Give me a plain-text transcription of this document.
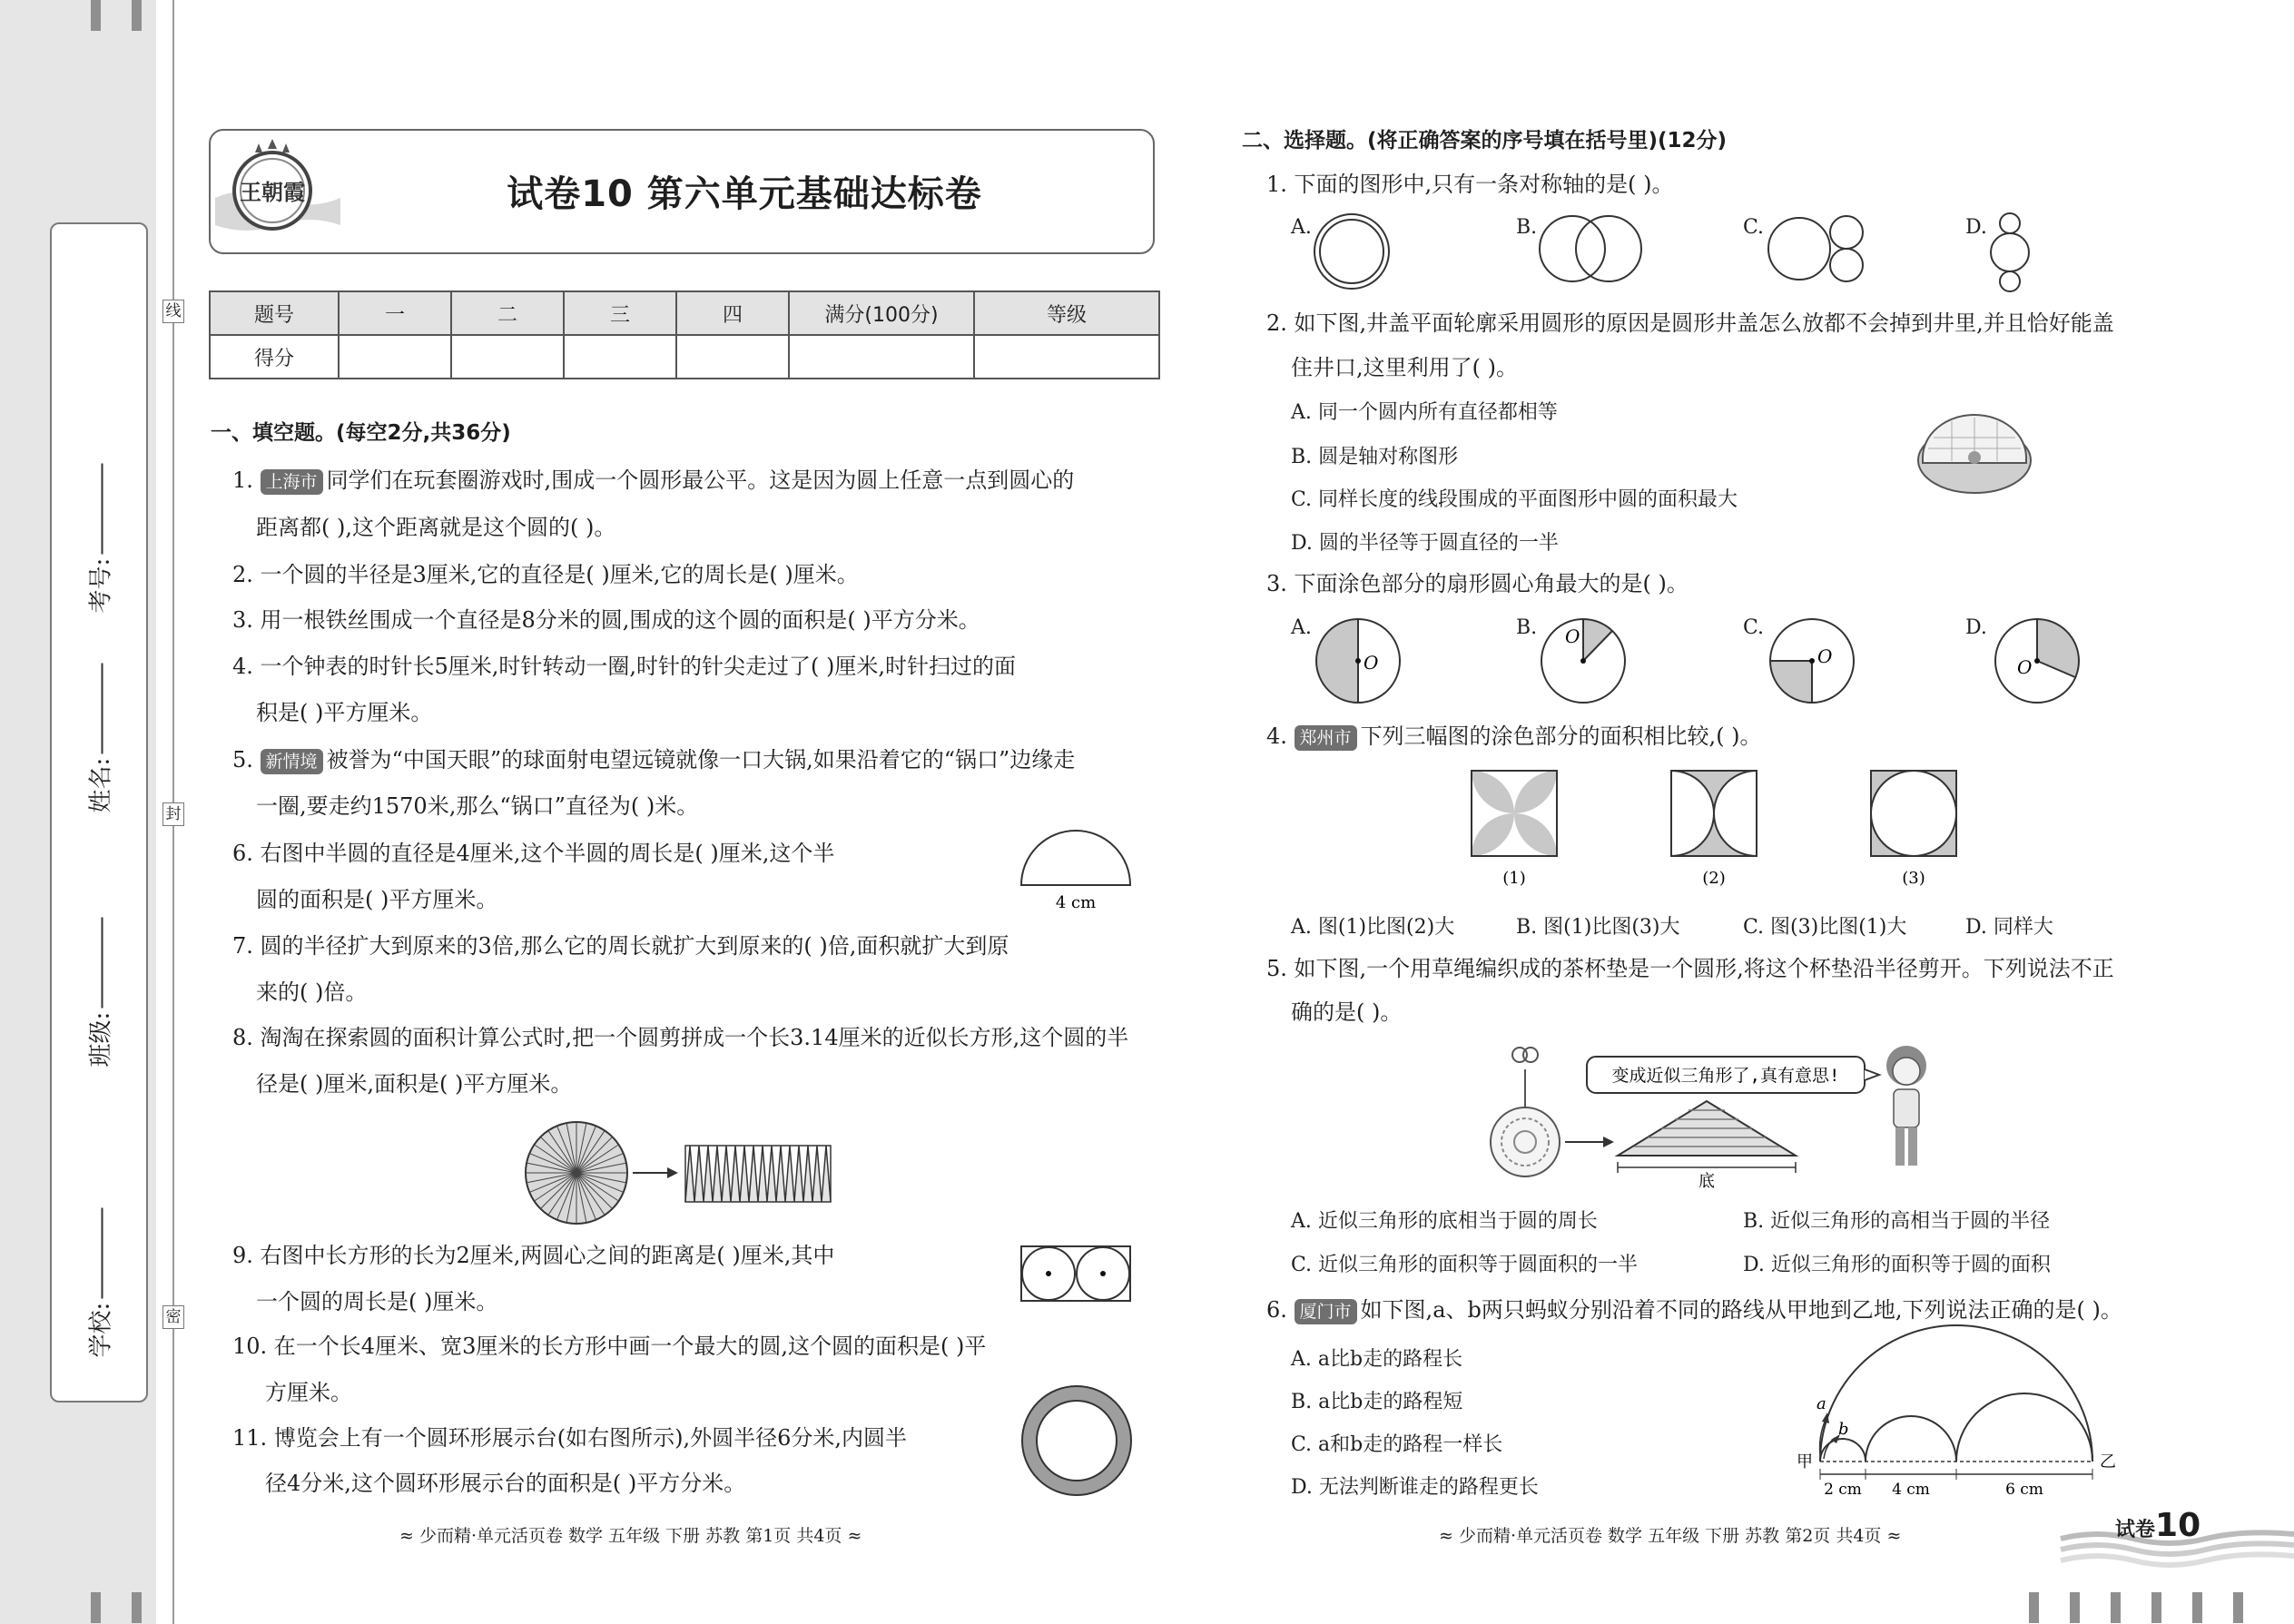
线
封
密
考号:
姓名:
班级:
学校:
王朝霞	试卷10 第六单元基础达标卷
题号	一	二	三	四	满分(100分)	等级
得分						
一、填空题。(每空2分,共36分)
1. 上海市 同学们在玩套圈游戏时,围成一个圆形最公平。这是因为圆上任意一点到圆心的
距离都( ),这个距离就是这个圆的( )。
2. 一个圆的半径是3厘米,它的直径是( )厘米,它的周长是( )厘米。
3. 用一根铁丝围成一个直径是8分米的圆,围成的这个圆的面积是( )平方分米。
4. 一个钟表的时针长5厘米,时针转动一圈,时针的针尖走过了( )厘米,时针扫过的面
积是( )平方厘米。
5. 新情境 被誉为“中国天眼”的球面射电望远镜就像一口大锅,如果沿着它的“锅口”边缘走
一圈,要走约1570米,那么“锅口”直径为( )米。
6. 右图中半圆的直径是4厘米,这个半圆的周长是( )厘米,这个半
圆的面积是( )平方厘米。	4 cm
7. 圆的半径扩大到原来的3倍,那么它的周长就扩大到原来的( )倍,面积就扩大到原
来的( )倍。
8. 淘淘在探索圆的面积计算公式时,把一个圆剪拼成一个长3.14厘米的近似长方形,这个圆的半
径是( )厘米,面积是( )平方厘米。
9. 右图中长方形的长为2厘米,两圆心之间的距离是( )厘米,其中
一个圆的周长是( )厘米。
10. 在一个长4厘米、宽3厘米的长方形中画一个最大的圆,这个圆的面积是( )平
方厘米。
11. 博览会上有一个圆环形展示台(如右图所示),外圆半径6分米,内圆半
径4分米,这个圆环形展示台的面积是( )平方分米。
≈ 少而精·单元活页卷 数学 五年级 下册 苏教 第1页 共4页 ≈
二、选择题。(将正确答案的序号填在括号里)(12分)
1. 下面的图形中,只有一条对称轴的是( )。
A.	B.	C.	D.
2. 如下图,井盖平面轮廓采用圆形的原因是圆形井盖怎么放都不会掉到井里,并且恰好能盖
住井口,这里利用了( )。
A. 同一个圆内所有直径都相等
B. 圆是轴对称图形
C. 同样长度的线段围成的平面图形中圆的面积最大
D. 圆的半径等于圆直径的一半
3. 下面涂色部分的扇形圆心角最大的是( )。
A.	B.	C.	D.
O
O
O	O
4. 郑州市 下列三幅图的涂色部分的面积相比较,( )。
(1)	(2)	(3)
A. 图(1)比图(2)大	B. 图(1)比图(3)大	C. 图(3)比图(1)大	D. 同样大
5. 如下图,一个用草绳编织成的茶杯垫是一个圆形,将这个杯垫沿半径剪开。下列说法不正
确的是( )。
底
变成近似三角形了,真有意思!
A. 近似三角形的底相当于圆的周长	B. 近似三角形的高相当于圆的半径
C. 近似三角形的面积等于圆面积的一半	D. 近似三角形的面积等于圆的面积
6. 厦门市 如下图,a、b两只蚂蚁分别沿着不同的路线从甲地到乙地,下列说法正确的是( )。
A. a比b走的路程长
B. a比b走的路程短
C. a和b走的路程一样长
D. 无法判断谁走的路程更长
a
b
甲	乙
2 cm 4 cm	6 cm
≈ 少而精·单元活页卷 数学 五年级 下册 苏教 第2页 共4页 ≈	试卷10
